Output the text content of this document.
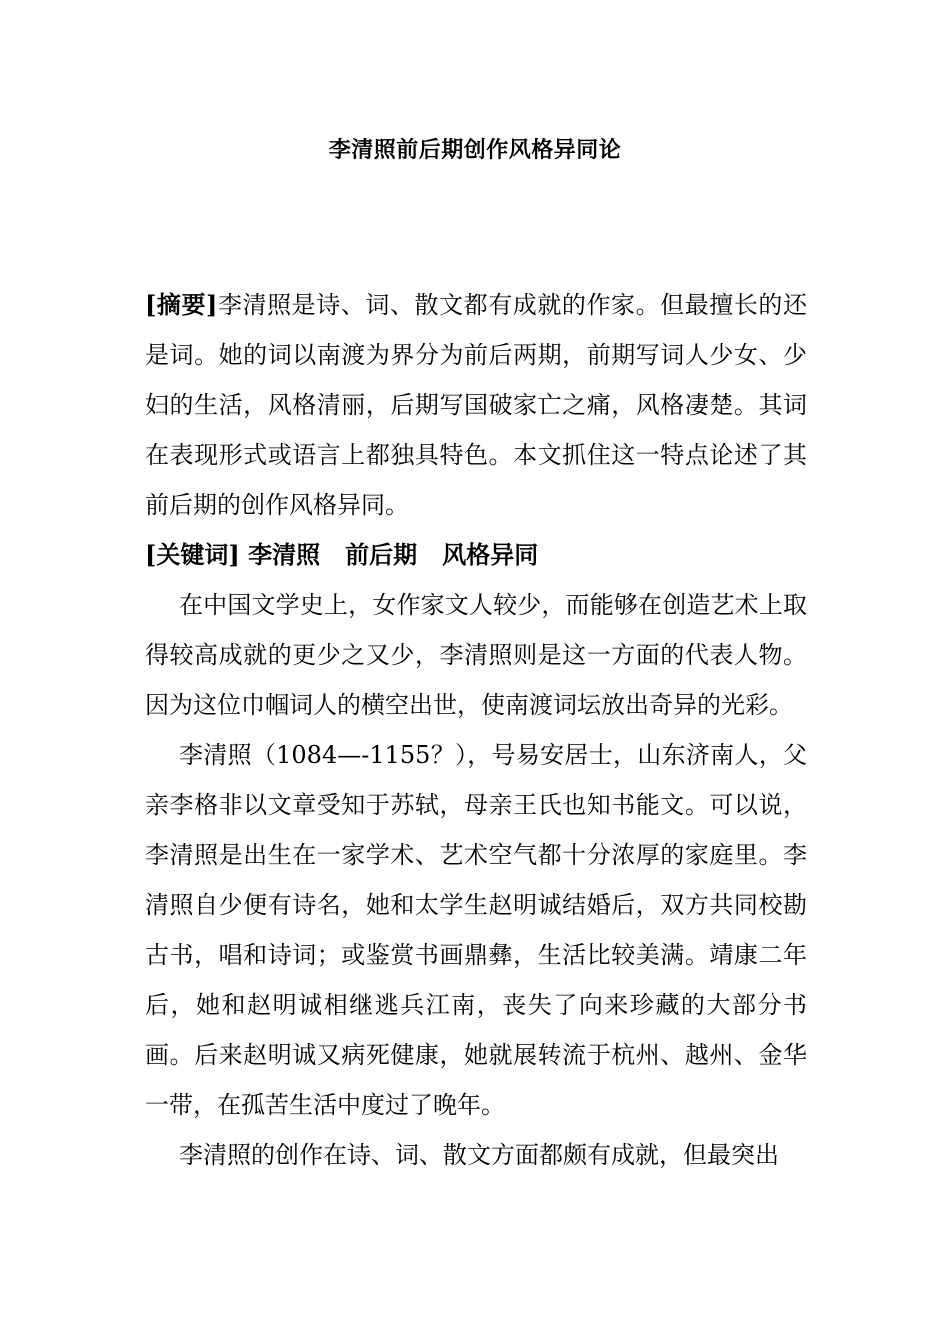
李清照前后期创作风格异同论

[摘要]李清照是诗、词、散文都有成就的作家。但最擅长的还是词。她的词以南渡为界分为前后两期，前期写词人少女、少妇的生活，风格清丽，后期写国破家亡之痛，风格凄楚。其词在表现形式或语言上都独具特色。本文抓住这一特点论述了其前后期的创作风格异同。

[关键词] 李清照   前后期   风格异同

在中国文学史上，女作家文人较少，而能够在创造艺术上取得较高成就的更少之又少，李清照则是这一方面的代表人物。因为这位巾帼词人的横空出世，使南渡词坛放出奇异的光彩。

李清照（1084—-1155？），号易安居士，山东济南人，父亲李格非以文章受知于苏轼，母亲王氏也知书能文。可以说，李清照是出生在一家学术、艺术空气都十分浓厚的家庭里。李清照自少便有诗名，她和太学生赵明诚结婚后，双方共同校勘古书，唱和诗词；或鉴赏书画鼎彝，生活比较美满。靖康二年后，她和赵明诚相继逃兵江南，丧失了向来珍藏的大部分书画。后来赵明诚又病死健康，她就展转流于杭州、越州、金华一带，在孤苦生活中度过了晚年。

李清照的创作在诗、词、散文方面都颇有成就，但最突出
